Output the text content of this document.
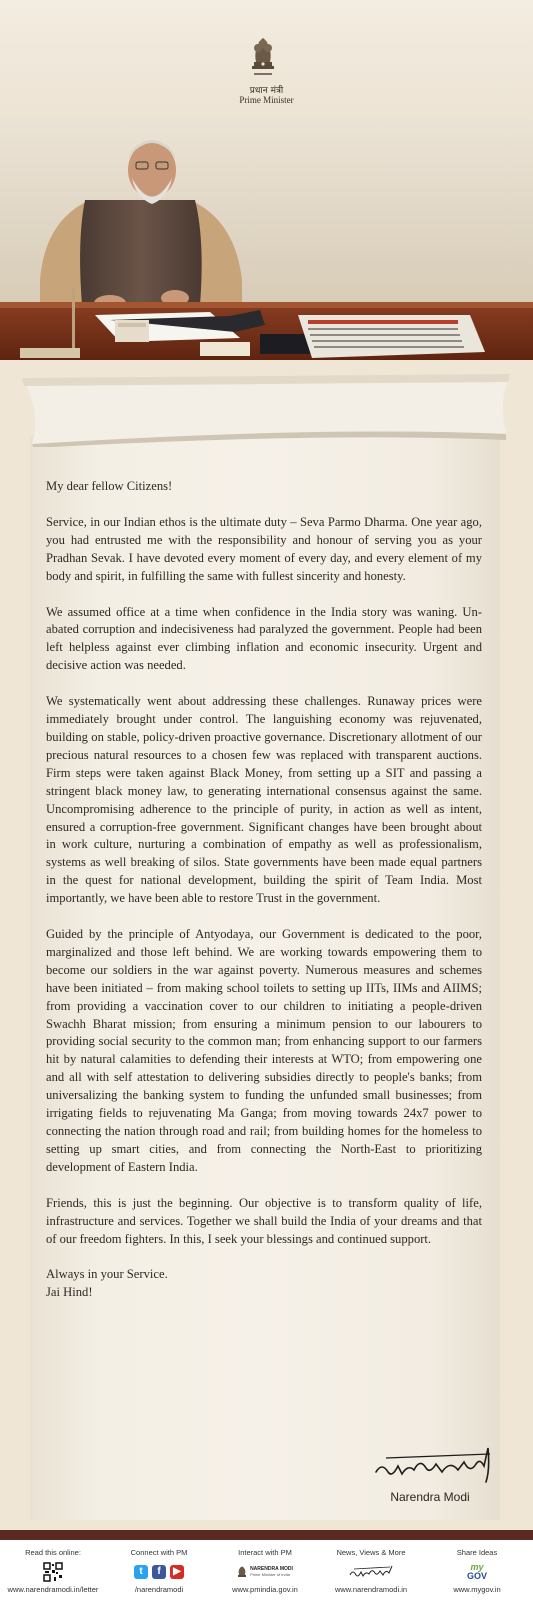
प्रधान मंत्री
Prime Minister

My dear fellow Citizens!

Service, in our Indian ethos is the ultimate duty – Seva Parmo Dharma. One year ago, you had entrusted me with the responsibility and honour of serving you as your Pradhan Sevak. I have devoted every moment of every day, and every element of my body and spirit, in fulfilling the same with fullest sincerity and honesty.

We assumed office at a time when confidence in the India story was waning. Un-abated corruption and indecisiveness had paralyzed the government. People had been left helpless against ever climbing inflation and economic insecurity. Urgent and decisive action was needed.

We systematically went about addressing these challenges. Runaway prices were immediately brought under control. The languishing economy was rejuvenated, building on stable, policy-driven proactive governance. Discretionary allotment of our precious natural resources to a chosen few was replaced with transparent auctions. Firm steps were taken against Black Money, from setting up a SIT and passing a stringent black money law, to generating international consensus against the same. Uncompromising adherence to the principle of purity, in action as well as intent, ensured a corruption-free government. Significant changes have been brought about in work culture, nurturing a combination of empathy as well as professionalism, systems as well breaking of silos. State governments have been made equal partners in the quest for national development, building the spirit of Team India. Most importantly, we have been able to restore Trust in the government.

Guided by the principle of Antyodaya, our Government is dedicated to the poor, marginalized and those left behind. We are working towards empowering them to become our soldiers in the war against poverty. Numerous measures and schemes have been initiated – from making school toilets to setting up IITs, IIMs and AIIMS; from providing a vaccination cover to our children to initiating a people-driven Swachh Bharat mission; from ensuring a minimum pension to our labourers to providing social security to the common man; from enhancing support to our farmers hit by natural calamities to defending their interests at WTO; from empowering one and all with self attestation to delivering subsidies directly to people's banks; from universalizing the banking system to funding the unfunded small businesses; from irrigating fields to rejuvenating Ma Ganga; from moving towards 24x7 power to connecting the nation through road and rail; from building homes for the homeless to setting up smart cities, and from connecting the North-East to prioritizing development of Eastern India.

Friends, this is just the beginning. Our objective is to transform quality of life, infrastructure and services. Together we shall build the India of your dreams and that of our freedom fighters. In this, I seek your blessings and continued support.

Always in your Service.

Jai Hind!

Narendra Modi
Read this online:
www.narendramodi.in/letter
Connect with PM
t	f	▶
/narendramodi
Interact with PM
NARENDRA MODI
Prime Minister of India
www.pmindia.gov.in
News, Views & More
www.narendramodi.in
Share Ideas
my
GOV
www.mygov.in
